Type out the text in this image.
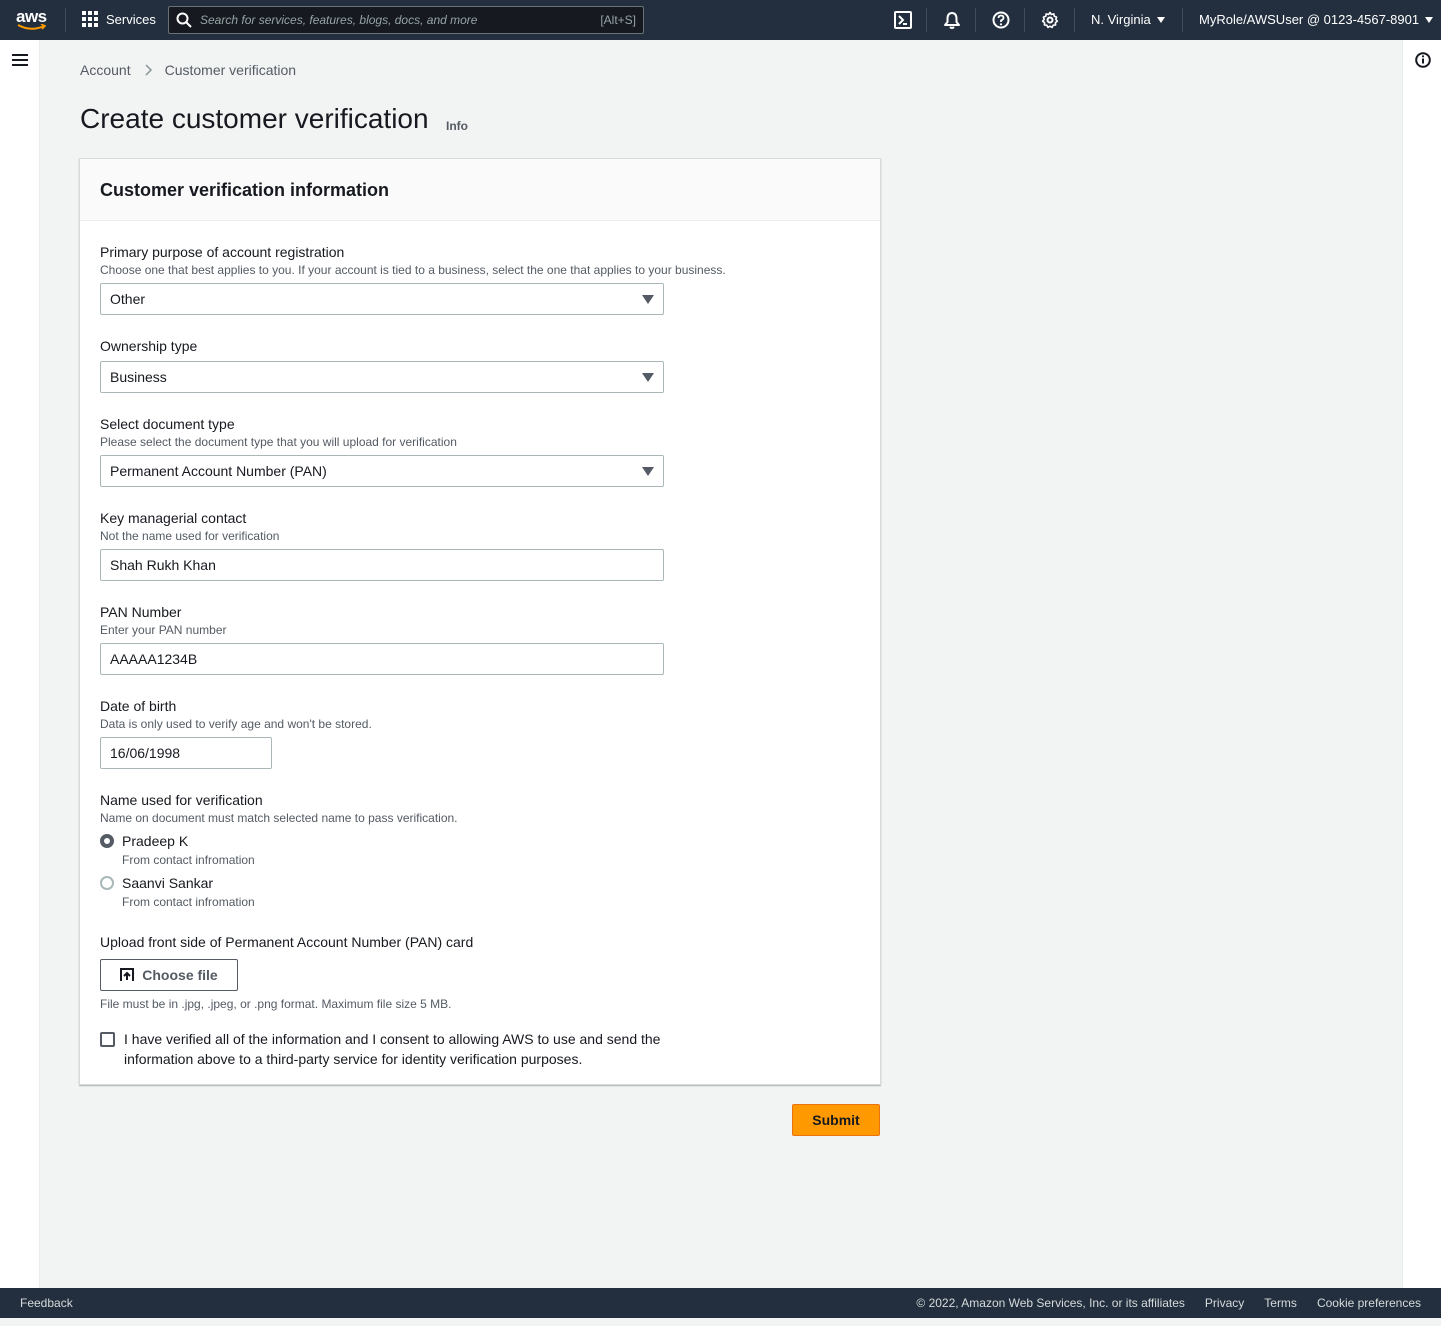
aws	Services
Search for services, features, blogs, docs, and more	[Alt+S]	N. Virginia	MyRole/AWSUser @ 0123-4567-8901
Account Customer verification
Create customer verification Info
Customer verification information
Primary purpose of account registration
Choose one that best applies to you. If your account is tied to a business, select the one that applies to your business.
Other
Ownership type
Business
Select document type
Please select the document type that you will upload for verification
Permanent Account Number (PAN)
Key managerial contact
Not the name used for verification
Shah Rukh Khan
PAN Number
Enter your PAN number
AAAAA1234B
Date of birth
Data is only used to verify age and won't be stored.
16/06/1998
Name used for verification
Name on document must match selected name to pass verification.
Pradeep K
From contact infromation
Saanvi Sankar
From contact infromation
Upload front side of Permanent Account Number (PAN) card
Choose file
File must be in .jpg, .jpeg, or .png format. Maximum file size 5 MB.
I have verified all of the information and I consent to allowing AWS to use and send the information above to a third-party service for identity verification purposes.
Submit
Feedback	© 2022, Amazon Web Services, Inc. or its affiliates Privacy Terms Cookie preferences
